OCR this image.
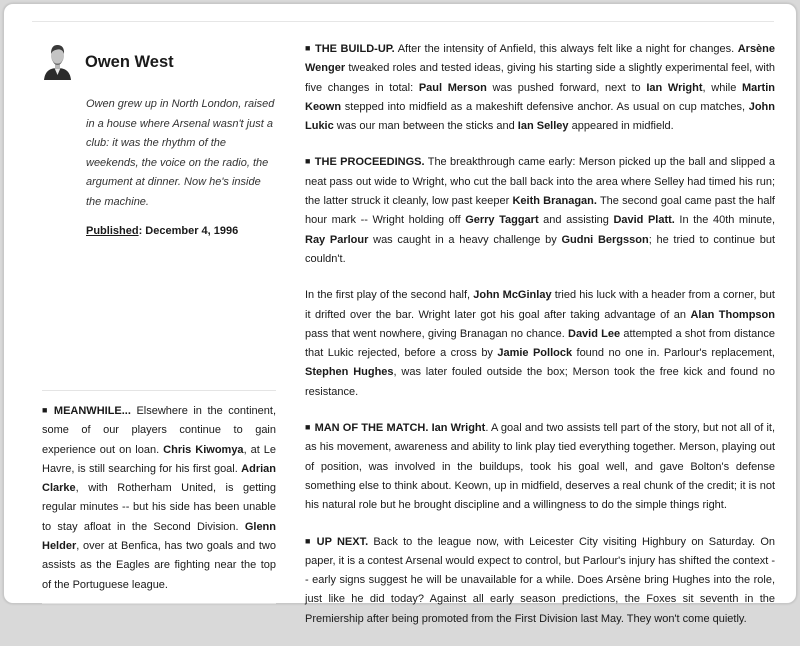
Owen West
Owen grew up in North London, raised in a house where Arsenal wasn't just a club: it was the rhythm of the weekends, the voice on the radio, the argument at dinner. Now he's inside the machine.
Published: December 4, 1996
■ MEANWHILE... Elsewhere in the continent, some of our players continue to gain experience out on loan. Chris Kiwomya, at Le Havre, is still searching for his first goal. Adrian Clarke, with Rotherham United, is getting regular minutes -- but his side has been unable to stay afloat in the Second Division. Glenn Helder, over at Benfica, has two goals and two assists as the Eagles are fighting near the top of the Portuguese league.

■ THE BUILD-UP. After the intensity of Anfield, this always felt like a night for changes. Arsène Wenger tweaked roles and tested ideas, giving his starting side a slightly experimental feel, with five changes in total: Paul Merson was pushed forward, next to Ian Wright, while Martin Keown stepped into midfield as a makeshift defensive anchor. As usual on cup matches, John Lukic was our man between the sticks and Ian Selley appeared in midfield.

■ THE PROCEEDINGS. The breakthrough came early: Merson picked up the ball and slipped a neat pass out wide to Wright, who cut the ball back into the area where Selley had timed his run; the latter struck it cleanly, low past keeper Keith Branagan. The second goal came past the half hour mark -- Wright holding off Gerry Taggart and assisting David Platt. In the 40th minute, Ray Parlour was caught in a heavy challenge by Gudni Bergsson; he tried to continue but couldn't.

In the first play of the second half, John McGinlay tried his luck with a header from a corner, but it drifted over the bar. Wright later got his goal after taking advantage of an Alan Thompson pass that went nowhere, giving Branagan no chance. David Lee attempted a shot from distance that Lukic rejected, before a cross by Jamie Pollock found no one in. Parlour's replacement, Stephen Hughes, was later fouled outside the box; Merson took the free kick and found no resistance.

■ MAN OF THE MATCH. Ian Wright. A goal and two assists tell part of the story, but not all of it, as his movement, awareness and ability to link play tied everything together. Merson, playing out of position, was involved in the buildups, took his goal well, and gave Bolton's defense something else to think about. Keown, up in midfield, deserves a real chunk of the credit; it is not his natural role but he brought discipline and a willingness to do the simple things right.

■ UP NEXT. Back to the league now, with Leicester City visiting Highbury on Saturday. On paper, it is a contest Arsenal would expect to control, but Parlour's injury has shifted the context -- early signs suggest he will be unavailable for a while. Does Arsène bring Hughes into the role, just like he did today? Against all early season predictions, the Foxes sit seventh in the Premiership after being promoted from the First Division last May. They won't come quietly.
